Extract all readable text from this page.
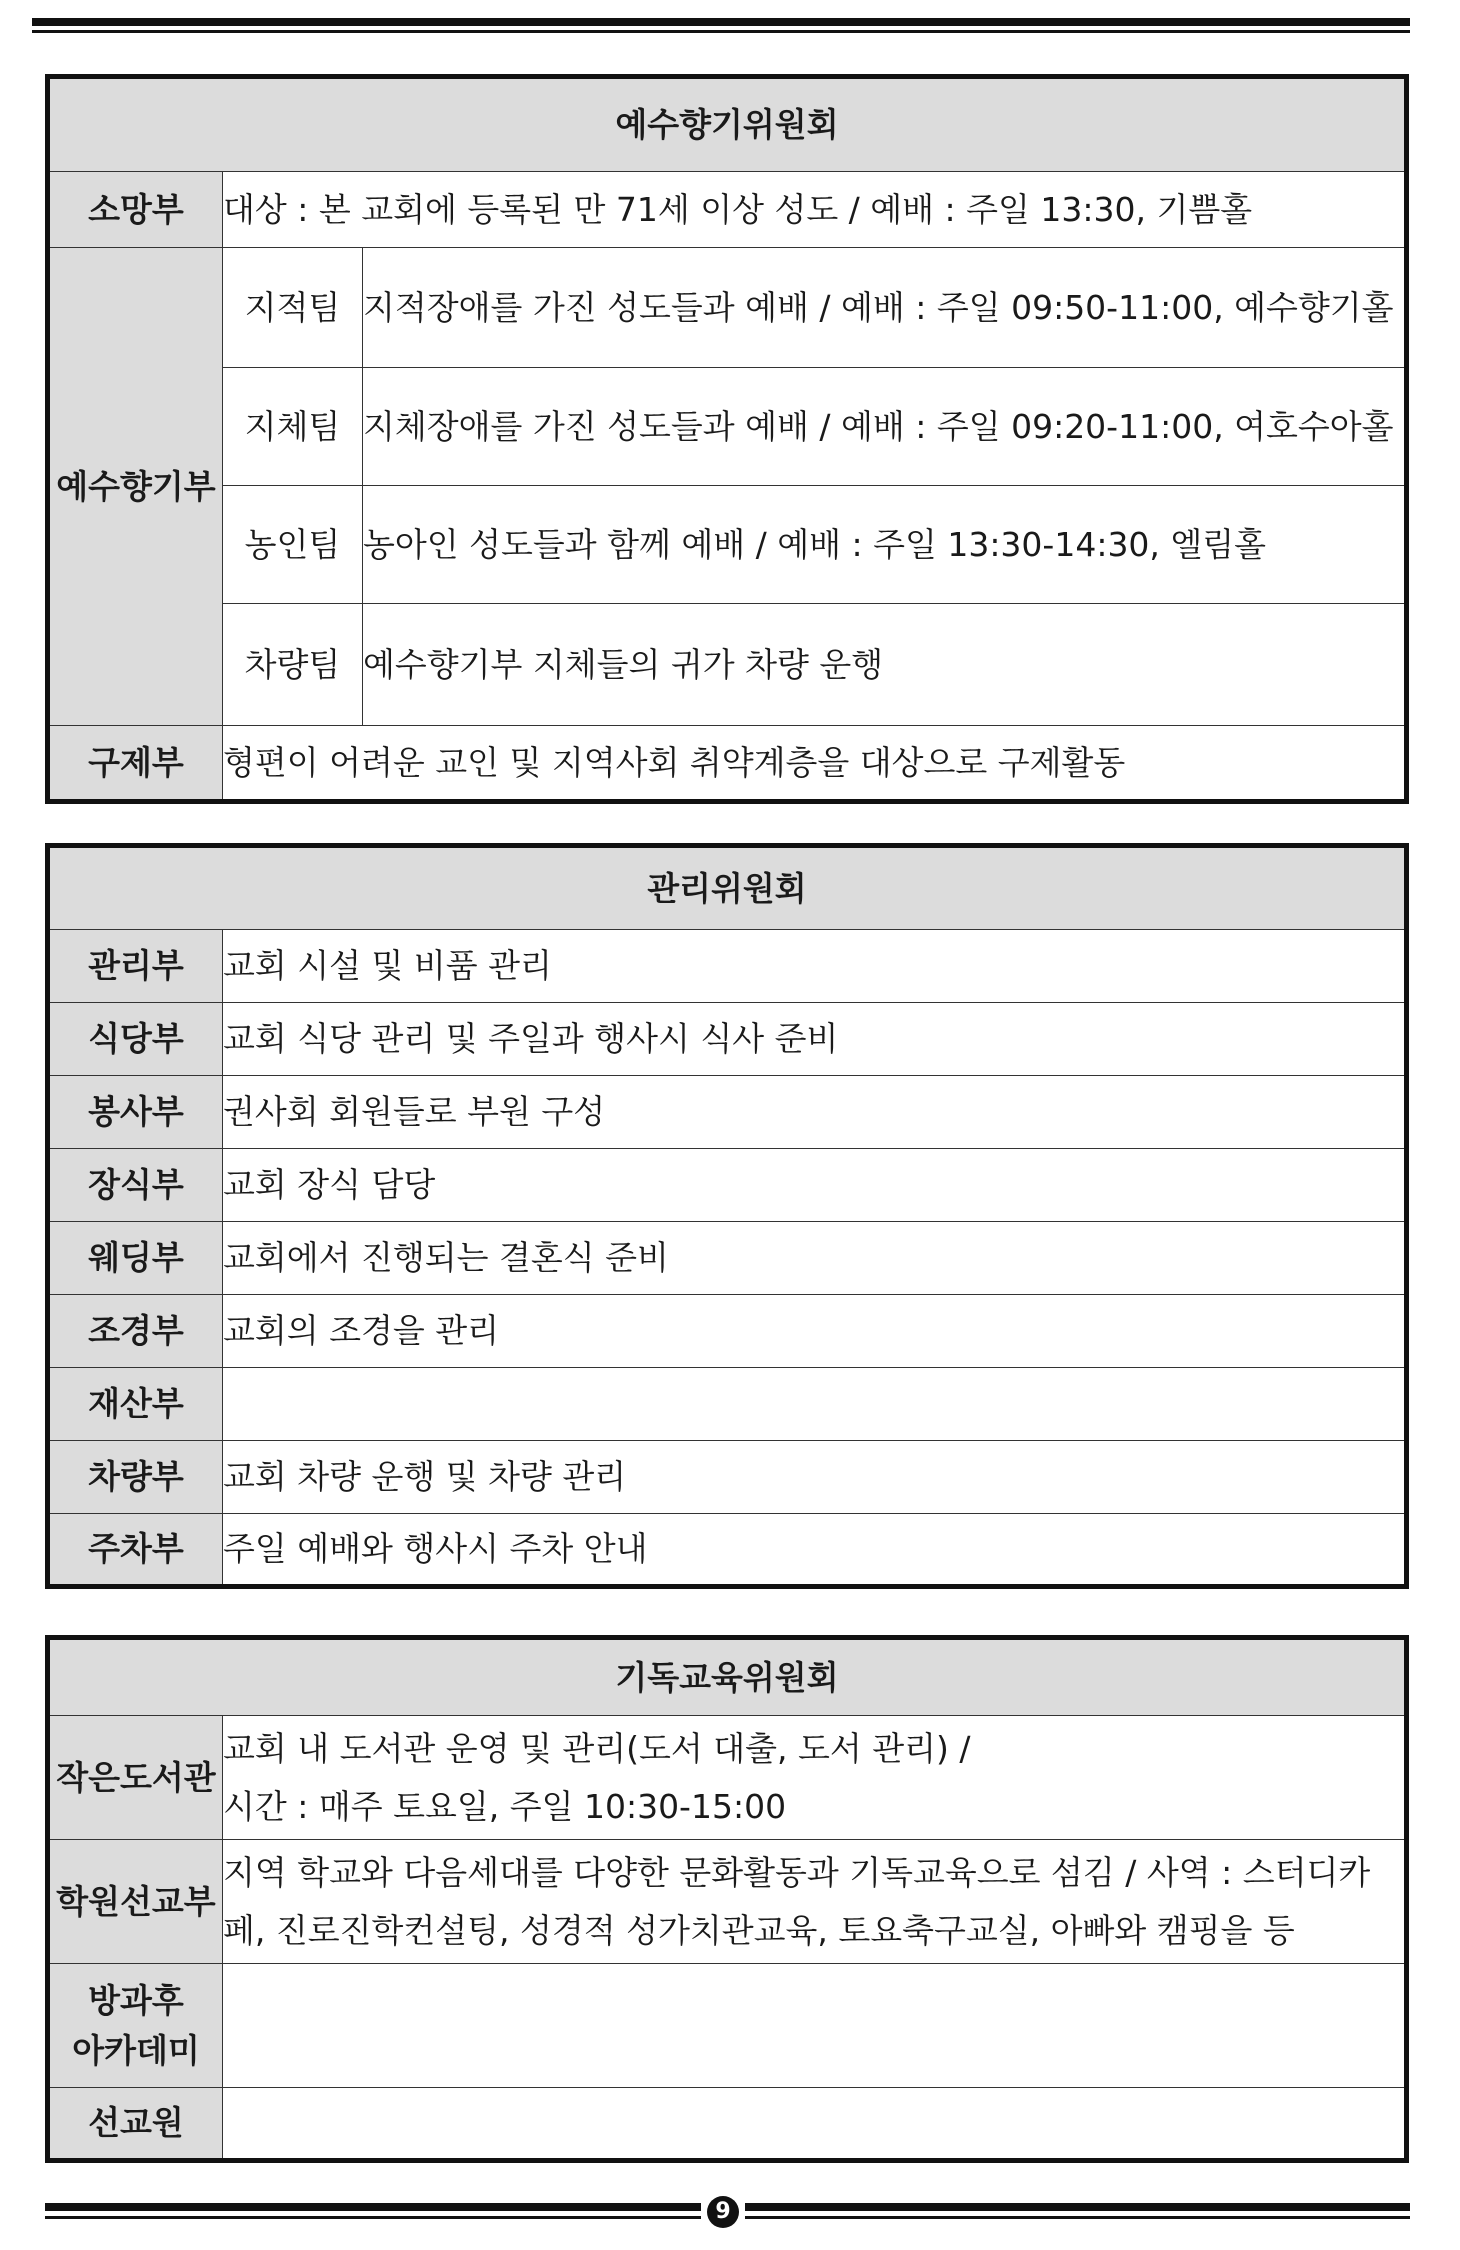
예수향기위원회		
소망부	대상 : 본 교회에 등록된 만 71세 이상 성도 / 예배 : 주일 13:30, 기쁨홀	
예수향기부	지적팀	지적장애를 가진 성도들과 예배 / 예배 : 주일 09:50-11:00, 예수향기홀
	지체팀	지체장애를 가진 성도들과 예배 / 예배 : 주일 09:20-11:00, 여호수아홀
	농인팀	농아인 성도들과 함께 예배 / 예배 : 주일 13:30-14:30, 엘림홀
	차량팀	예수향기부 지체들의 귀가 차량 운행
구제부	형편이 어려운 교인 및 지역사회 취약계층을 대상으로 구제활동	
관리위원회	
관리부	교회 시설 및 비품 관리
식당부	교회 식당 관리 및 주일과 행사시 식사 준비
봉사부	권사회 회원들로 부원 구성
장식부	교회 장식 담당
웨딩부	교회에서 진행되는 결혼식 준비
조경부	교회의 조경을 관리
재산부	
차량부	교회 차량 운행 및 차량 관리
주차부	주일 예배와 행사시 주차 안내
기독교육위원회	
작은도서관	교회 내 도서관 운영 및 관리(도서 대출, 도서 관리) /
시간 : 매주 토요일, 주일 10:30-15:00

학원선교부	지역 학교와 다음세대를 다양한 문화활동과 기독교육으로 섬김 / 사역 : 스터디카
페, 진로진학컨설팅, 성경적 성가치관교육, 토요축구교실, 아빠와 캠핑을 등

방과후
아카데미	

선교원	
9
